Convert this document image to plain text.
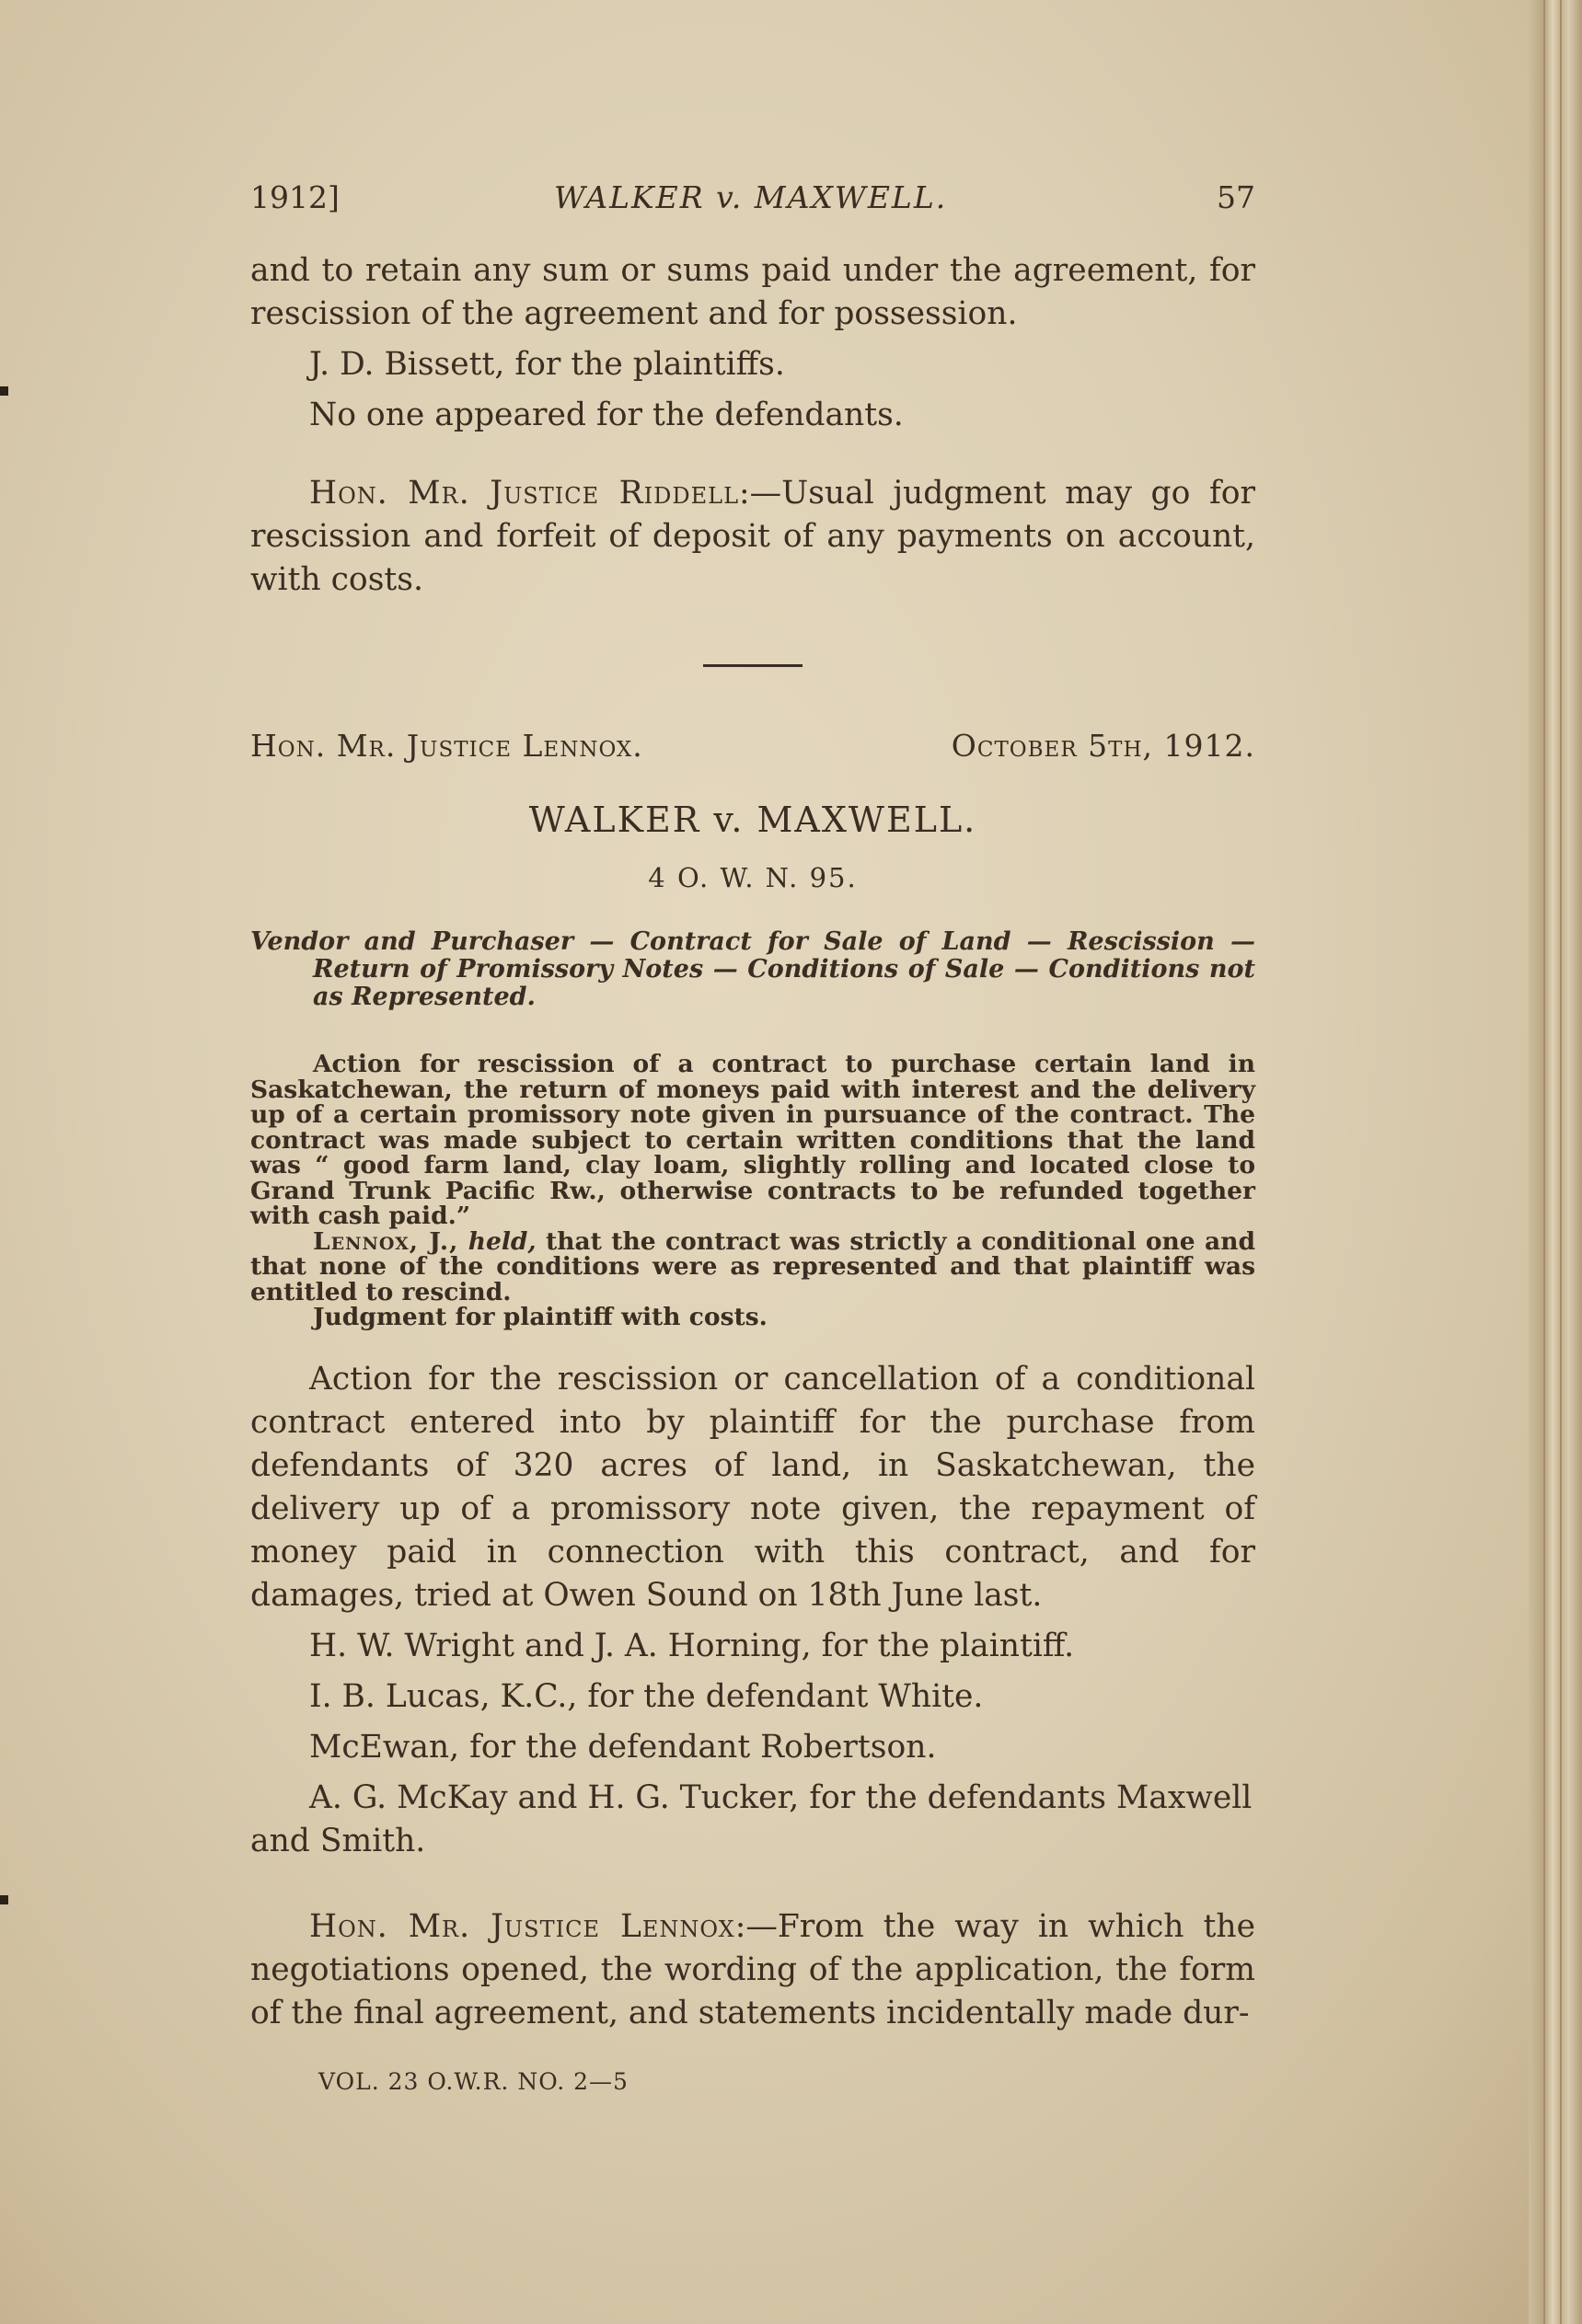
1912]	WALKER v. MAXWELL.	57

and to retain any sum or sums paid under the agreement, for rescission of the agreement and for possession.

J. D. Bissett, for the plaintiffs.

No one appeared for the defendants.

Hon. Mr. Justice Riddell:—Usual judgment may go for rescission and forfeit of deposit of any payments on account, with costs.

Hon. Mr. Justice Lennox.	October 5th, 1912.

WALKER v. MAXWELL.

4 O. W. N. 95.

Vendor and Purchaser — Contract for Sale of Land — Rescission — Return of Promissory Notes — Conditions of Sale — Conditions not as Represented.

Action for rescission of a contract to purchase certain land in Saskatchewan, the return of moneys paid with interest and the delivery up of a certain promissory note given in pursuance of the contract. The contract was made subject to certain written conditions that the land was “ good farm land, clay loam, slightly rolling and located close to Grand Trunk Pacific Rw., otherwise contracts to be refunded together with cash paid.”
Lennox, J., held, that the contract was strictly a conditional one and that none of the conditions were as represented and that plaintiff was entitled to rescind.
Judgment for plaintiff with costs.

Action for the rescission or cancellation of a conditional contract entered into by plaintiff for the purchase from defendants of 320 acres of land, in Saskatchewan, the delivery up of a promissory note given, the repayment of money paid in connection with this contract, and for damages, tried at Owen Sound on 18th June last.

H. W. Wright and J. A. Horning, for the plaintiff.

I. B. Lucas, K.C., for the defendant White.

McEwan, for the defendant Robertson.

A. G. McKay and H. G. Tucker, for the defendants Maxwell and Smith.

Hon. Mr. Justice Lennox:—From the way in which the negotiations opened, the wording of the application, the form of the final agreement, and statements incidentally made dur-

VOL. 23 O.W.R. NO. 2—5
